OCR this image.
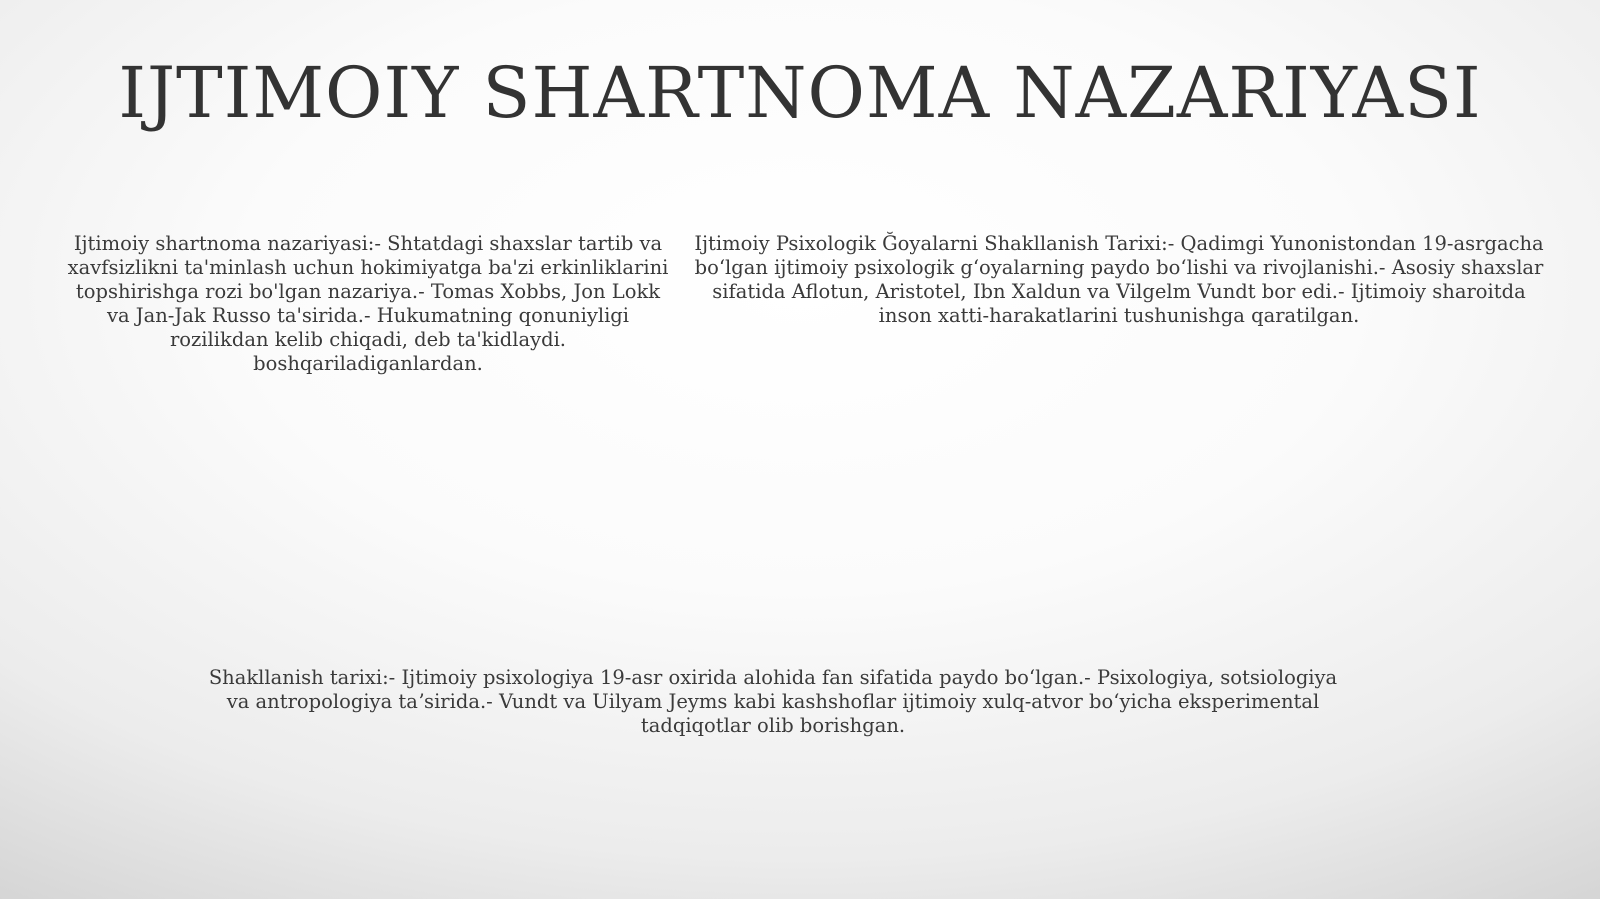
IJTIMOIY SHARTNOMA NAZARIYASI

Ijtimoiy shartnoma nazariyasi:- Shtatdagi shaxslar tartib va xavfsizlikni ta'minlash uchun hokimiyatga ba'zi erkinliklarini topshirishga rozi bo'lgan nazariya.- Tomas Xobbs, Jon Lokk va Jan-Jak Russo ta'sirida.- Hukumatning qonuniyligi rozilikdan kelib chiqadi, deb ta'kidlaydi. boshqariladiganlardan.

Ijtimoiy Psixologik Ğoyalarni Shakllanish Tarixi:- Qadimgi Yunonistondan 19-asrgacha boʻlgan ijtimoiy psixologik gʻoyalarning paydo boʻlishi va rivojlanishi.- Asosiy shaxslar sifatida Aflotun, Aristotel, Ibn Xaldun va Vilgelm Vundt bor edi.- Ijtimoiy sharoitda inson xatti-harakatlarini tushunishga qaratilgan.

Shakllanish tarixi:- Ijtimoiy psixologiya 19-asr oxirida alohida fan sifatida paydo boʻlgan.- Psixologiya, sotsiologiya va antropologiya taʼsirida.- Vundt va Uilyam Jeyms kabi kashshoflar ijtimoiy xulq-atvor boʻyicha eksperimental tadqiqotlar olib borishgan.
